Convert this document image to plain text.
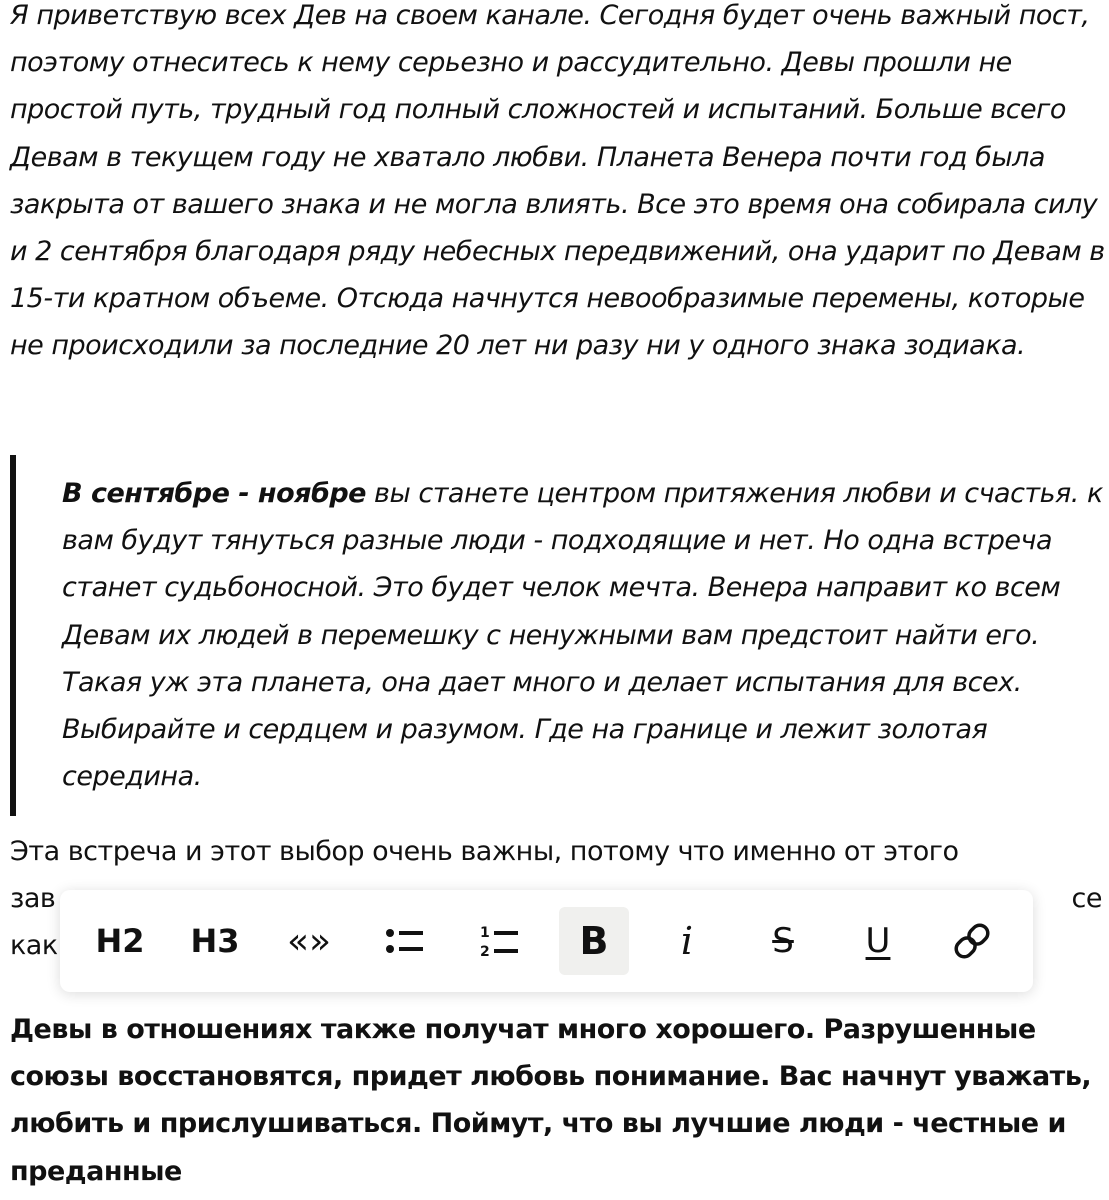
Я приветствую всех Дев на своем канале. Сегодня будет очень важный пост, поэтому отнеситесь к нему серьезно и рассудительно. Девы прошли не простой путь, трудный год полный сложностей и испытаний. Больше всего Девам в текущем году не хватало любви. Планета Венера почти год была закрыта от вашего знака и не могла влиять. Все это время она собирала силу и 2 сентября благодаря ряду небесных передвижений, она ударит по Девам в 15-ти кратном объеме. Отсюда начнутся невообразимые перемены, которые не происходили за последние 20 лет ни разу ни у одного знака зодиака.

В сентябре - ноябре вы станете центром притяжения любви и счастья. к вам будут тянуться разные люди - подходящие и нет. Но одна встреча станет судьбоносной. Это будет челок мечта. Венера направит ко всем Девам их людей в перемешку с ненужными вам предстоит найти его. Такая уж эта планета, она дает много и делает испытания для всех. Выбирайте и сердцем и разумом. Где на границе и лежит золотая середина.

Эта встреча и этот выбор очень важны, потому что именно от этого
зав	се
как

Девы в отношениях также получат много хорошего. Разрушенные союзы восстановятся, придет любовь понимание. Вас начнут уважать, любить и прислушиваться. Поймут, что вы лучшие люди - честные и преданные

H2	H3	«»	1
2	B	i	S	U
